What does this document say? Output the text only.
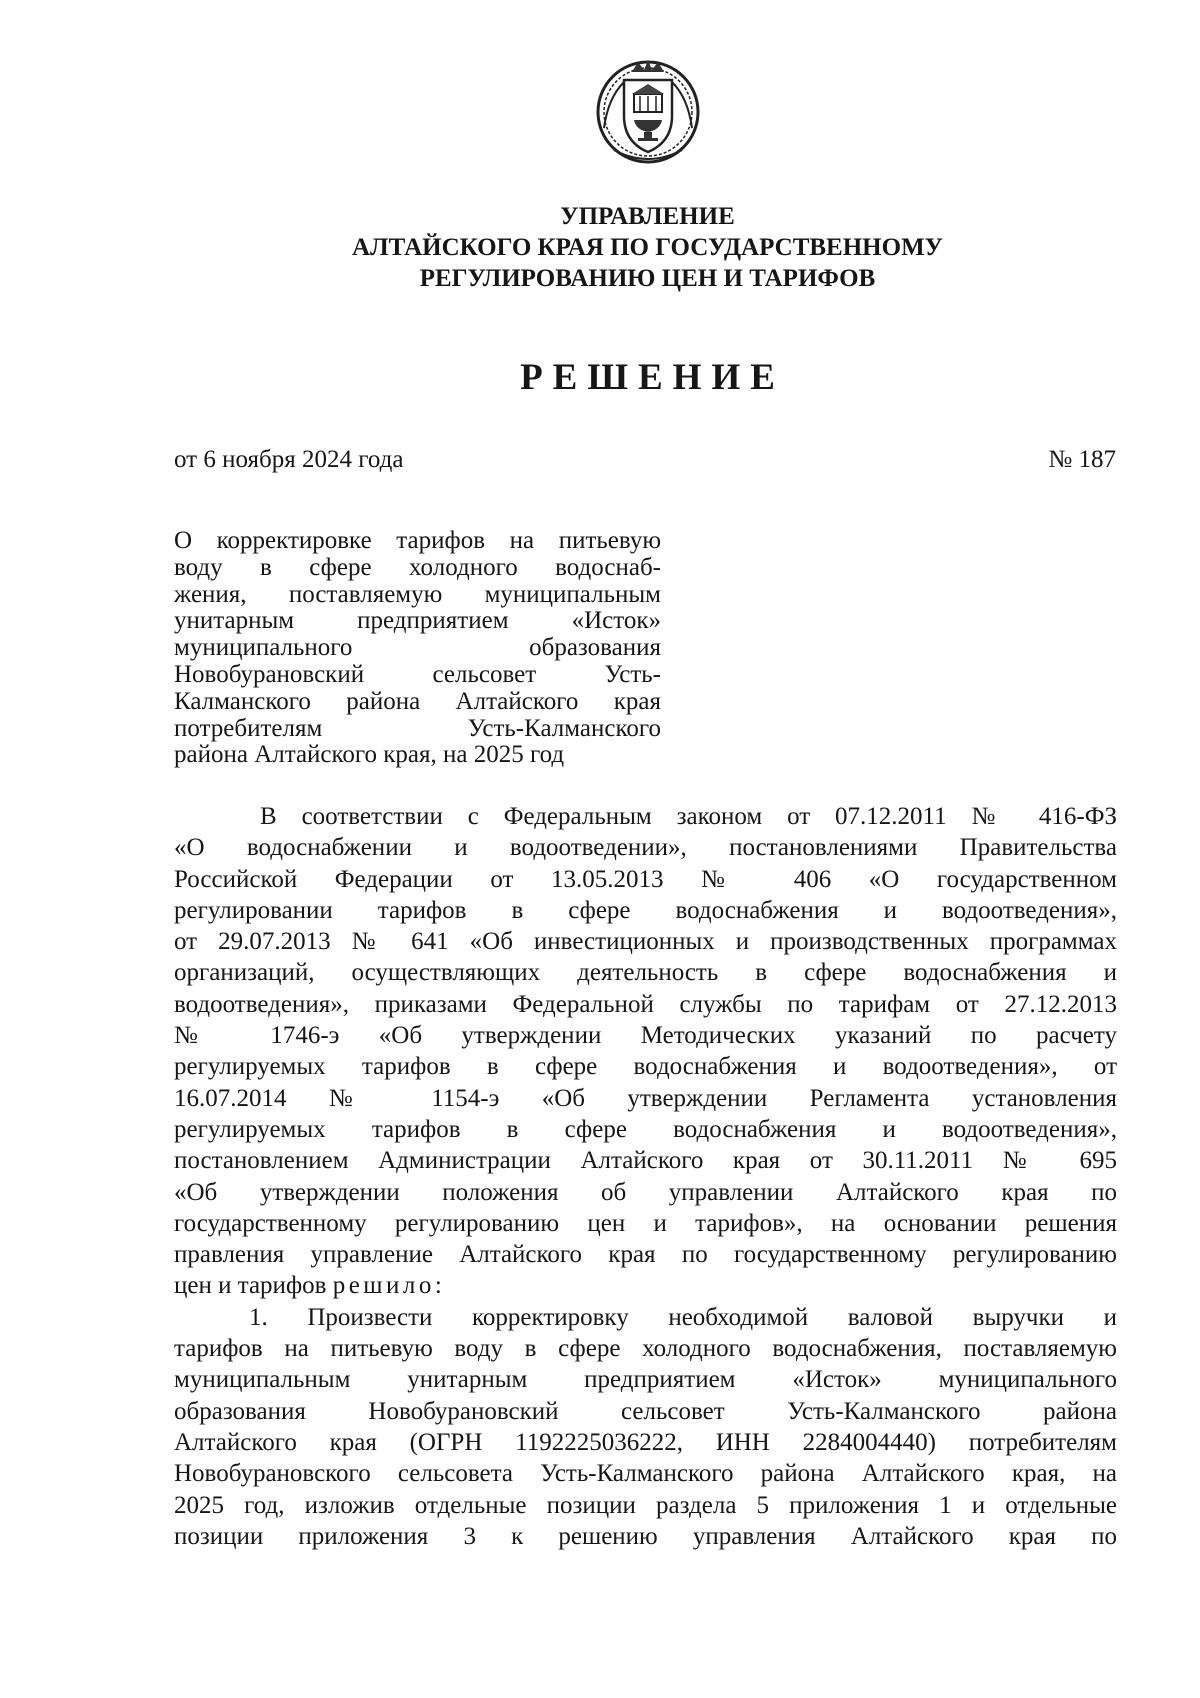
УПРАВЛЕНИЕ
АЛТАЙСКОГО КРАЯ ПО ГОСУДАРСТВЕННОМУ
РЕГУЛИРОВАНИЮ ЦЕН И ТАРИФОВ
РЕШЕНИЕ
от 6 ноября 2024 года	№ 187
О корректировке тарифов на питьевую
воду в сфере холодного водоснаб-
жения, поставляемую муниципальным
унитарным предприятием «Исток»
муниципального образования
Новобурановский сельсовет Усть-
Калманского района Алтайского края
потребителям Усть-Калманского
района Алтайского края, на 2025 год
В соответствии с Федеральным законом от 07.12.2011 № 416-ФЗ
«О водоснабжении и водоотведении», постановлениями Правительства
Российской Федерации от 13.05.2013 № 406 «О государственном
регулировании тарифов в сфере водоснабжения и водоотведения»,
от 29.07.2013 № 641 «Об инвестиционных и производственных программах
организаций, осуществляющих деятельность в сфере водоснабжения и
водоотведения», приказами Федеральной службы по тарифам от 27.12.2013
№ 1746-э «Об утверждении Методических указаний по расчету
регулируемых тарифов в сфере водоснабжения и водоотведения», от
16.07.2014 № 1154-э «Об утверждении Регламента установления
регулируемых тарифов в сфере водоснабжения и водоотведения»,
постановлением Администрации Алтайского края от 30.11.2011 № 695
«Об утверждении положения об управлении Алтайского края по
государственному регулированию цен и тарифов», на основании решения
правления управление Алтайского края по государственному регулированию
цен и тарифов решило:
1. Произвести корректировку необходимой валовой выручки и
тарифов на питьевую воду в сфере холодного водоснабжения, поставляемую
муниципальным унитарным предприятием «Исток» муниципального
образования Новобурановский сельсовет Усть-Калманского района
Алтайского края (ОГРН 1192225036222, ИНН 2284004440) потребителям
Новобурановского сельсовета Усть-Калманского района Алтайского края, на
2025 год, изложив отдельные позиции раздела 5 приложения 1 и отдельные
позиции приложения 3 к решению управления Алтайского края по
